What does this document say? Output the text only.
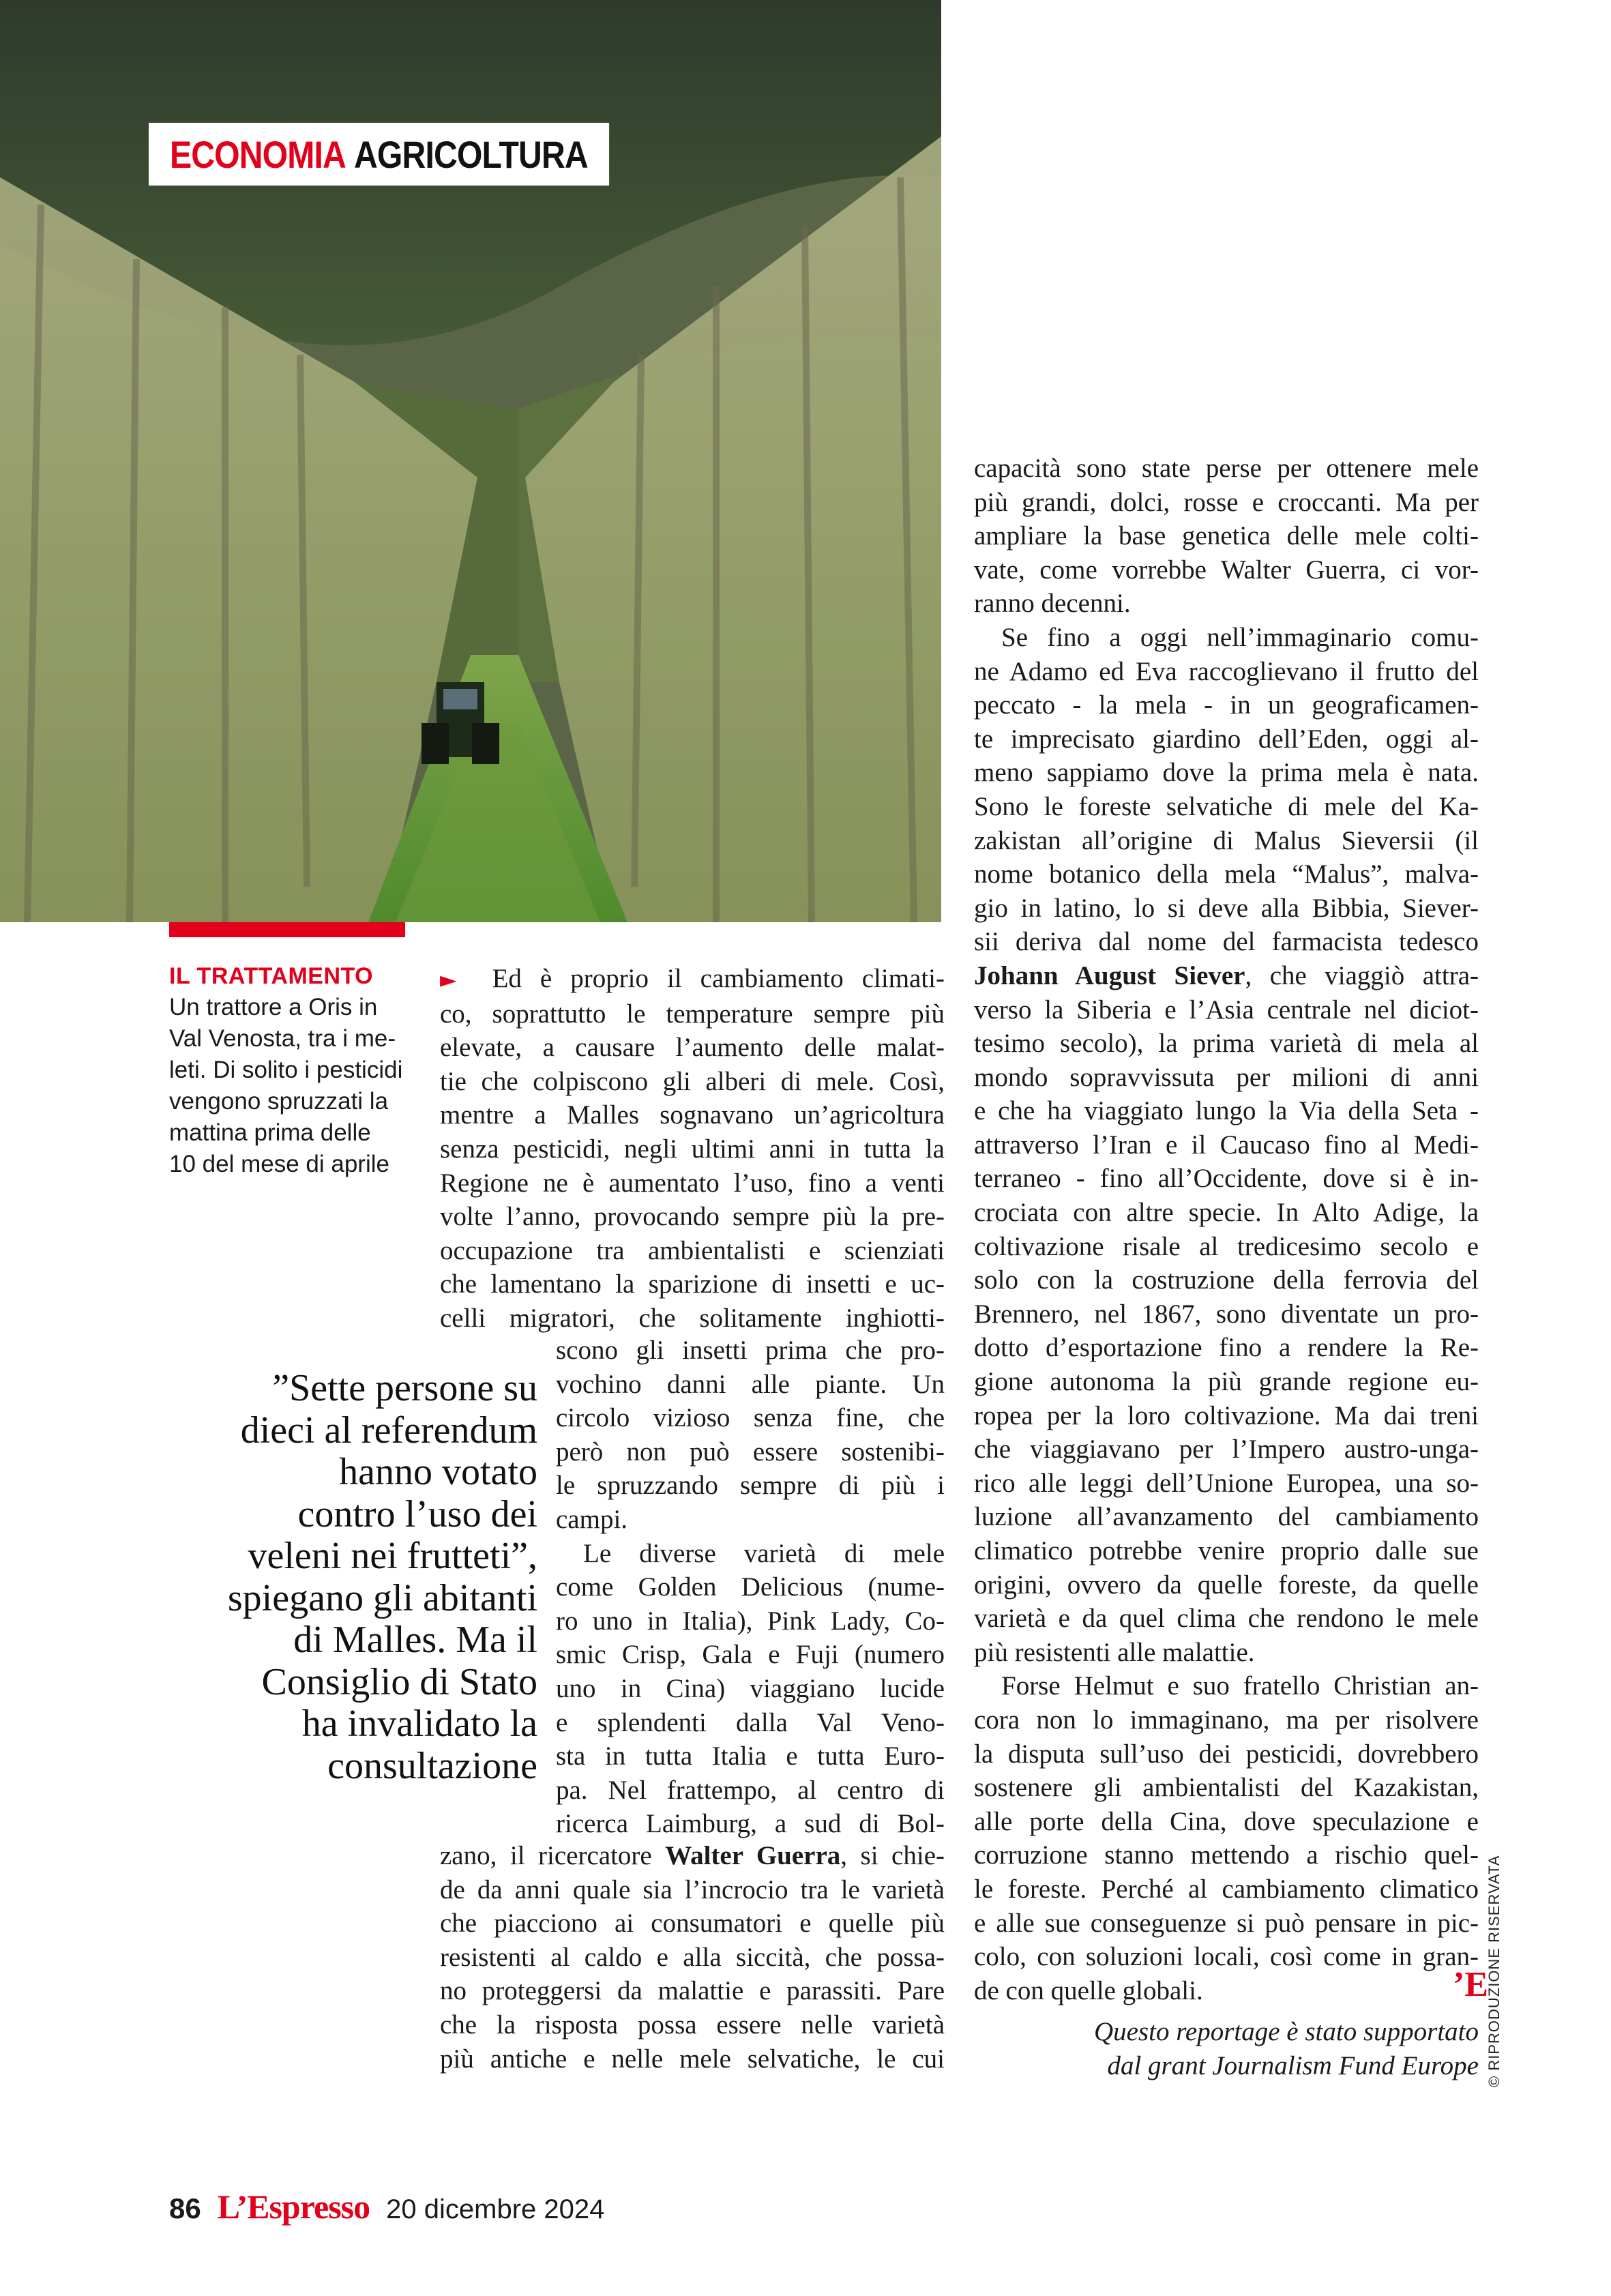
ECONOMIA AGRICOLTURA
IL TRATTAMENTO
Un trattore a Oris in
Val Venosta, tra i me-
leti. Di solito i pesticidi
vengono spruzzati la
mattina prima delle
10 del mese di aprile
► Ed è proprio il cambiamento climati-
co, soprattutto le temperature sempre più
elevate, a causare l’aumento delle malat-
tie che colpiscono gli alberi di mele. Così,
mentre a Malles sognavano un’agricoltura
senza pesticidi, negli ultimi anni in tutta la
Regione ne è aumentato l’uso, fino a venti
volte l’anno, provocando sempre più la pre-
occupazione tra ambientalisti e scienziati
che lamentano la sparizione di insetti e uc-
celli migratori, che solitamente inghiotti-
”Sette persone su
dieci al referendum
hanno votato
contro l’uso dei
veleni nei frutteti”,
spiegano gli abitanti
di Malles. Ma il
Consiglio di Stato
ha invalidato la
consultazione
scono gli insetti prima che pro-
vochino danni alle piante. Un
circolo vizioso senza fine, che
però non può essere sostenibi-
le spruzzando sempre di più i
campi.
Le diverse varietà di mele
come Golden Delicious (nume-
ro uno in Italia), Pink Lady, Co-
smic Crisp, Gala e Fuji (numero
uno in Cina) viaggiano lucide
e splendenti dalla Val Veno-
sta in tutta Italia e tutta Euro-
pa. Nel frattempo, al centro di
ricerca Laimburg, a sud di Bol-
zano, il ricercatore Walter Guerra, si chie-
de da anni quale sia l’incrocio tra le varietà
che piacciono ai consumatori e quelle più
resistenti al caldo e alla siccità, che possa-
no proteggersi da malattie e parassiti. Pare
che la risposta possa essere nelle varietà
più antiche e nelle mele selvatiche, le cui
capacità sono state perse per ottenere mele
più grandi, dolci, rosse e croccanti. Ma per
ampliare la base genetica delle mele colti-
vate, come vorrebbe Walter Guerra, ci vor-
ranno decenni.
Se fino a oggi nell’immaginario comu-
ne Adamo ed Eva raccoglievano il frutto del
peccato - la mela - in un geograficamen-
te imprecisato giardino dell’Eden, oggi al-
meno sappiamo dove la prima mela è nata.
Sono le foreste selvatiche di mele del Ka-
zakistan all’origine di Malus Sieversii (il
nome botanico della mela “Malus”, malva-
gio in latino, lo si deve alla Bibbia, Siever-
sii deriva dal nome del farmacista tedesco
Johann August Siever, che viaggiò attra-
verso la Siberia e l’Asia centrale nel diciot-
tesimo secolo), la prima varietà di mela al
mondo sopravvissuta per milioni di anni
e che ha viaggiato lungo la Via della Seta -
attraverso l’Iran e il Caucaso fino al Medi-
terraneo - fino all’Occidente, dove si è in-
crociata con altre specie. In Alto Adige, la
coltivazione risale al tredicesimo secolo e
solo con la costruzione della ferrovia del
Brennero, nel 1867, sono diventate un pro-
dotto d’esportazione fino a rendere la Re-
gione autonoma la più grande regione eu-
ropea per la loro coltivazione. Ma dai treni
che viaggiavano per l’Impero austro-unga-
rico alle leggi dell’Unione Europea, una so-
luzione all’avanzamento del cambiamento
climatico potrebbe venire proprio dalle sue
origini, ovvero da quelle foreste, da quelle
varietà e da quel clima che rendono le mele
più resistenti alle malattie.
Forse Helmut e suo fratello Christian an-
cora non lo immaginano, ma per risolvere
la disputa sull’uso dei pesticidi, dovrebbero
sostenere gli ambientalisti del Kazakistan,
alle porte della Cina, dove speculazione e
corruzione stanno mettendo a rischio quel-
le foreste. Perché al cambiamento climatico
e alle sue conseguenze si può pensare in pic-
colo, con soluzioni locali, così come in gran-
de con quelle globali.	’E
© RIPRODUZIONE RISERVATA
Questo reportage è stato supportato
dal grant Journalism Fund Europe
86 L’Espresso 20 dicembre 2024
